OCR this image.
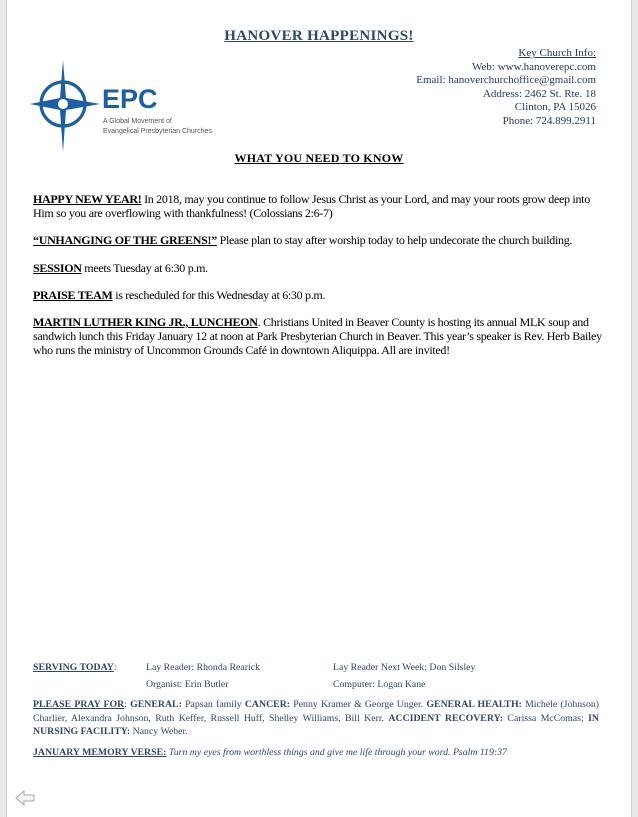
HANOVER HAPPENINGS!
EPC
A Global Movement of
Evangelical Presbyterian Churches
Key Church Info:
Web: www.hanoverepc.com
Email: hanoverchurchoffice@gmail.com
Address: 2462 St. Rte. 18
Clinton, PA 15026
Phone: 724.899.2911
WHAT YOU NEED TO KNOW

HAPPY NEW YEAR! In 2018, may you continue to follow Jesus Christ as your Lord, and may your roots grow deep into Him so you are overflowing with thankfulness! (Colossians 2:6-7)

“UNHANGING OF THE GREENS!” Please plan to stay after worship today to help undecorate the church building.

SESSION meets Tuesday at 6:30 p.m.

PRAISE TEAM is rescheduled for this Wednesday at 6:30 p.m.

MARTIN LUTHER KING JR., LUNCHEON. Christians United in Beaver County is hosting its annual MLK soup and sandwich lunch this Friday January 12 at noon at Park Presbyterian Church in Beaver. This year’s speaker is Rev. Herb Bailey who runs the ministry of Uncommon Grounds Café in downtown Aliquippa. All are invited!

SERVING TODAY:	Lay Reader: Rhonda Rearick	Lay Reader Next Week: Don Silsley
Organist: Erin Butler	Computer: Logan Kane
PLEASE PRAY FOR: GENERAL: Papsan family CANCER: Penny Kramer & George Unger. GENERAL HEALTH: Michele (Johnson) Charlier, Alexandra Johnson, Ruth Keffer, Russell Huff, Shelley Williams, Bill Kerr. ACCIDENT RECOVERY: Carissa McComas; IN NURSING FACILITY: Nancy Weber.
JANUARY MEMORY VERSE: Turn my eyes from worthless things and give me life through your word. Psalm 119:37
